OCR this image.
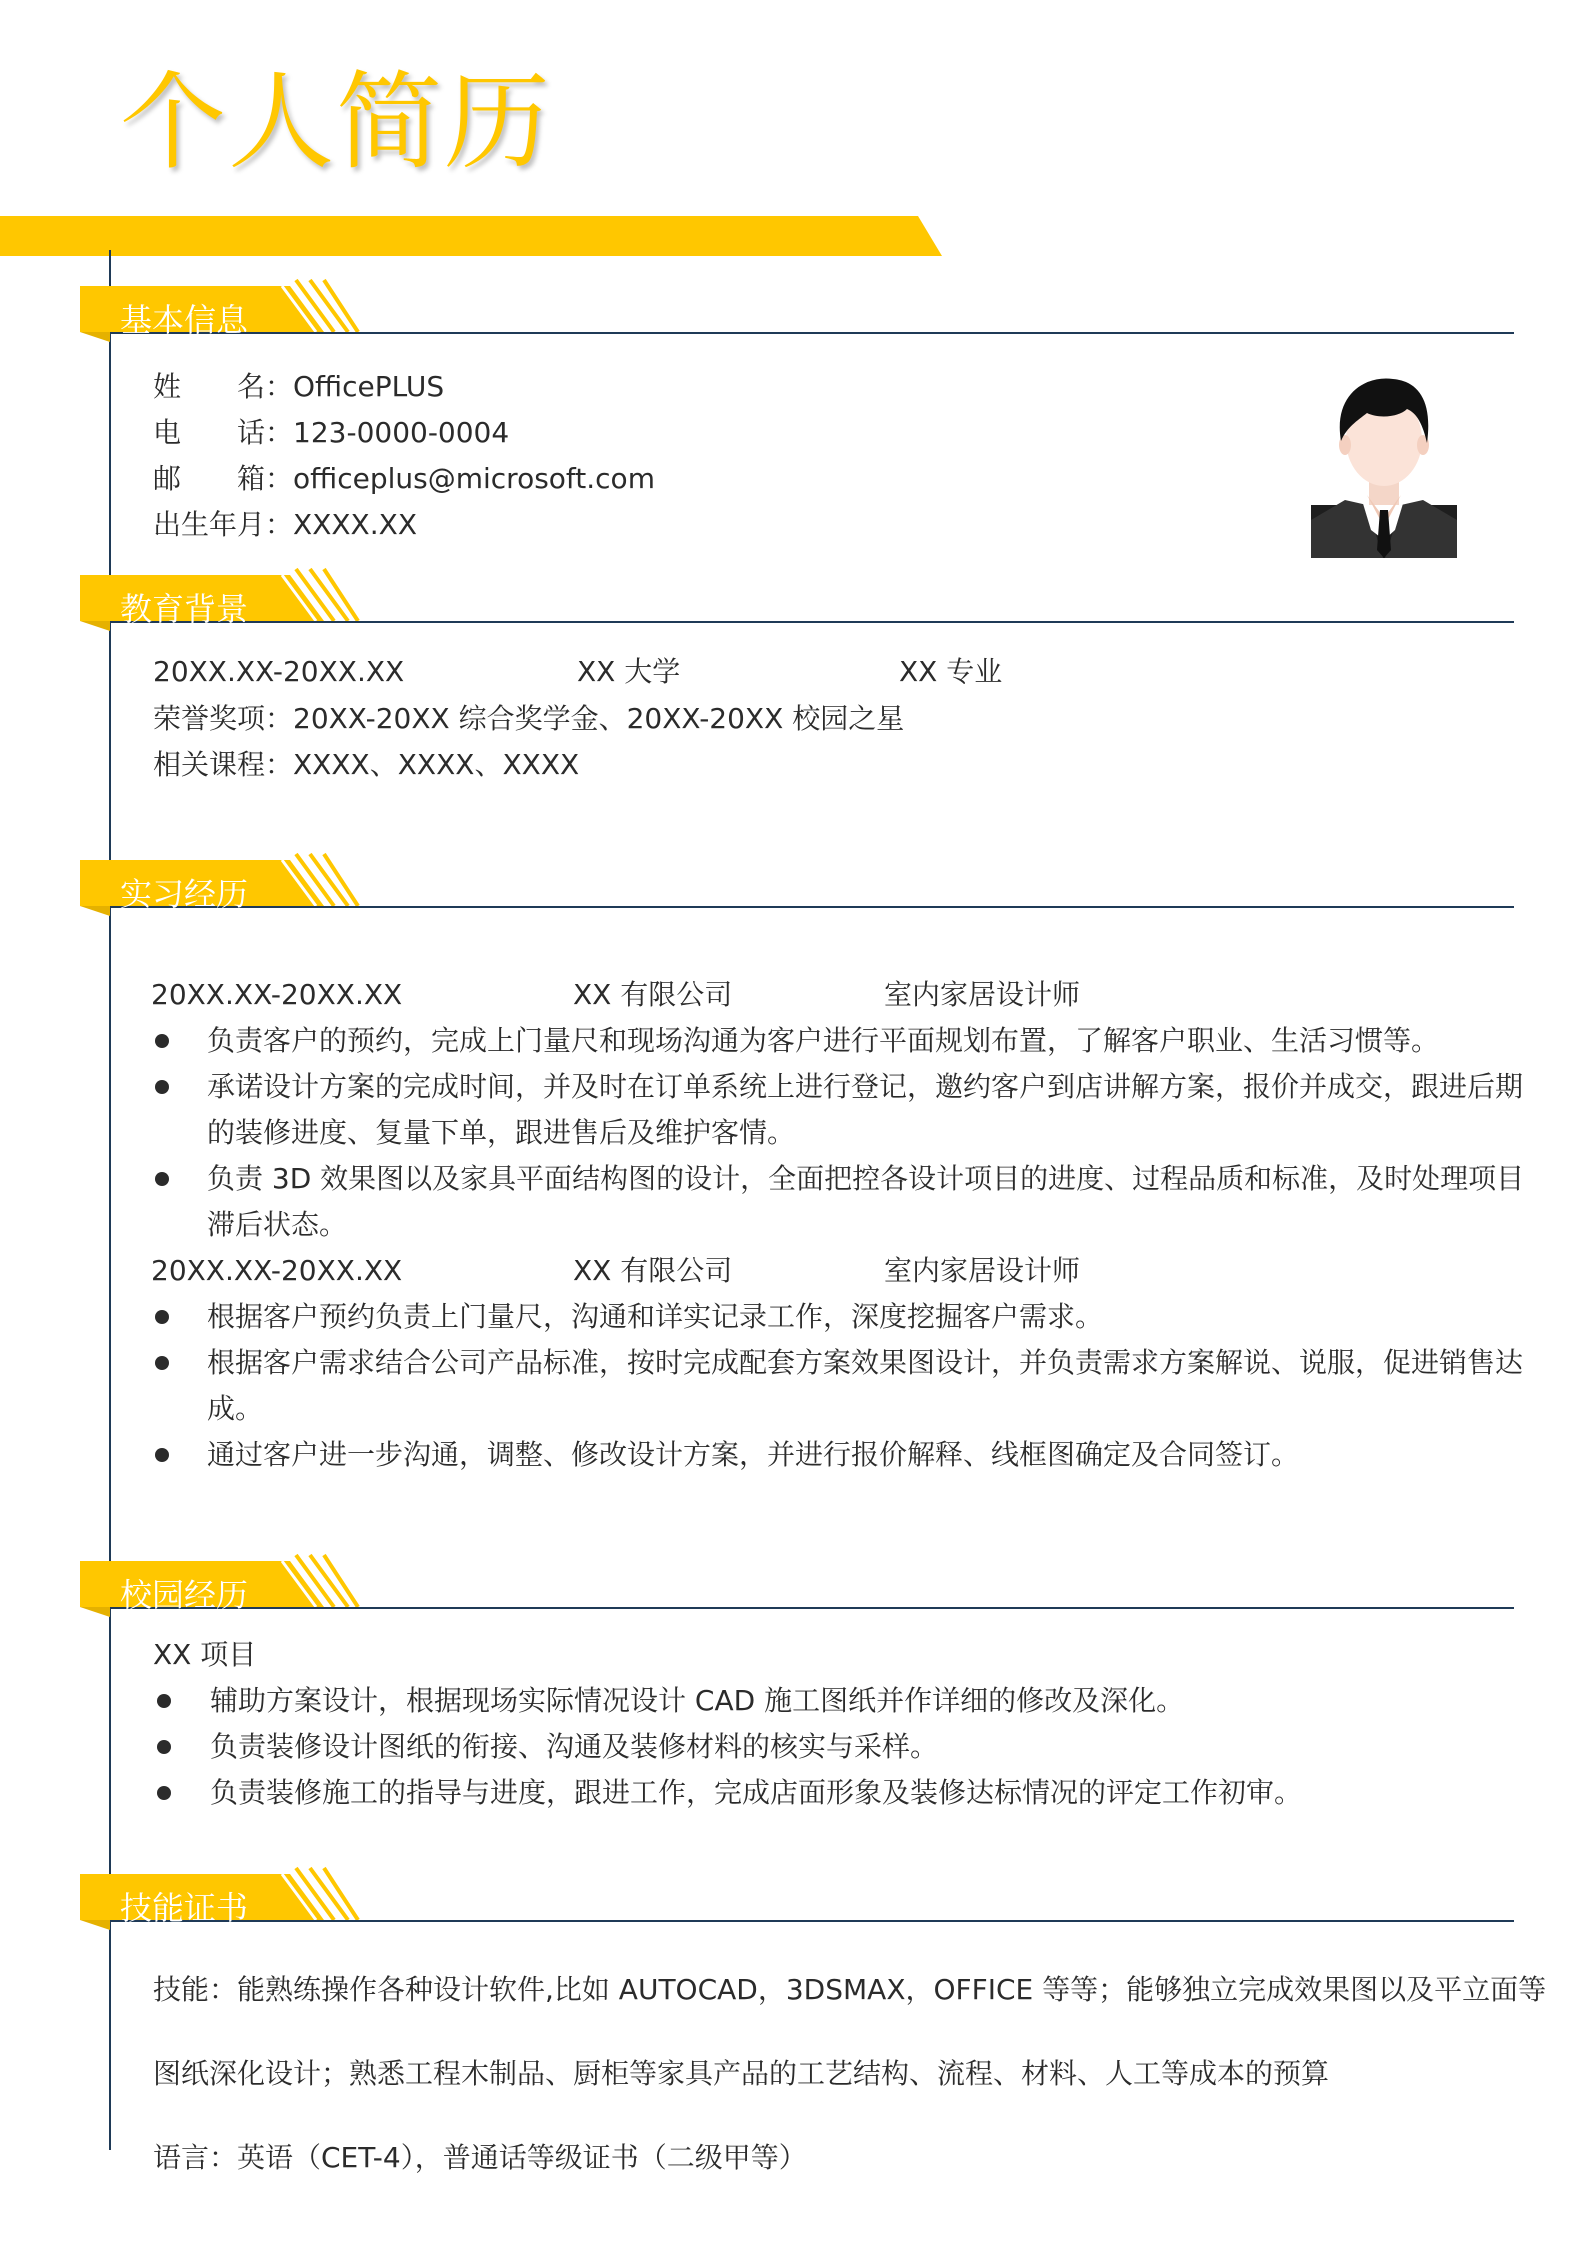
个人简历
基本信息
姓　　名：OfficePLUS
电　　话：123-0000-0004
邮　　箱：officeplus@microsoft.com
出生年月：XXXX.XX
教育背景
20XX.XX-20XX.XX	XX 大学	XX 专业
荣誉奖项：20XX-20XX 综合奖学金、20XX-20XX 校园之星
相关课程：XXXX、XXXX、XXXX
实习经历
20XX.XX-20XX.XX	XX 有限公司	室内家居设计师
负责客户的预约，完成上门量尺和现场沟通为客户进行平面规划布置，了解客户职业、生活习惯等。
承诺设计方案的完成时间，并及时在订单系统上进行登记，邀约客户到店讲解方案，报价并成交，跟进后期
的装修进度、复量下单，跟进售后及维护客情。
负责 3D 效果图以及家具平面结构图的设计，全面把控各设计项目的进度、过程品质和标准，及时处理项目
滞后状态。
20XX.XX-20XX.XX	XX 有限公司	室内家居设计师
根据客户预约负责上门量尺，沟通和详实记录工作，深度挖掘客户需求。
根据客户需求结合公司产品标准，按时完成配套方案效果图设计，并负责需求方案解说、说服，促进销售达
成。
通过客户进一步沟通，调整、修改设计方案，并进行报价解释、线框图确定及合同签订。
校园经历
XX 项目
辅助方案设计，根据现场实际情况设计 CAD 施工图纸并作详细的修改及深化。
负责装修设计图纸的衔接、沟通及装修材料的核实与采样。
负责装修施工的指导与进度，跟进工作，完成店面形象及装修达标情况的评定工作初审。
技能证书
技能：能熟练操作各种设计软件,比如 AUTOCAD，3DSMAX，OFFICE 等等；能够独立完成效果图以及平立面等
图纸深化设计；熟悉工程木制品、厨柜等家具产品的工艺结构、流程、材料、人工等成本的预算
语言：英语（CET-4），普通话等级证书（二级甲等）
